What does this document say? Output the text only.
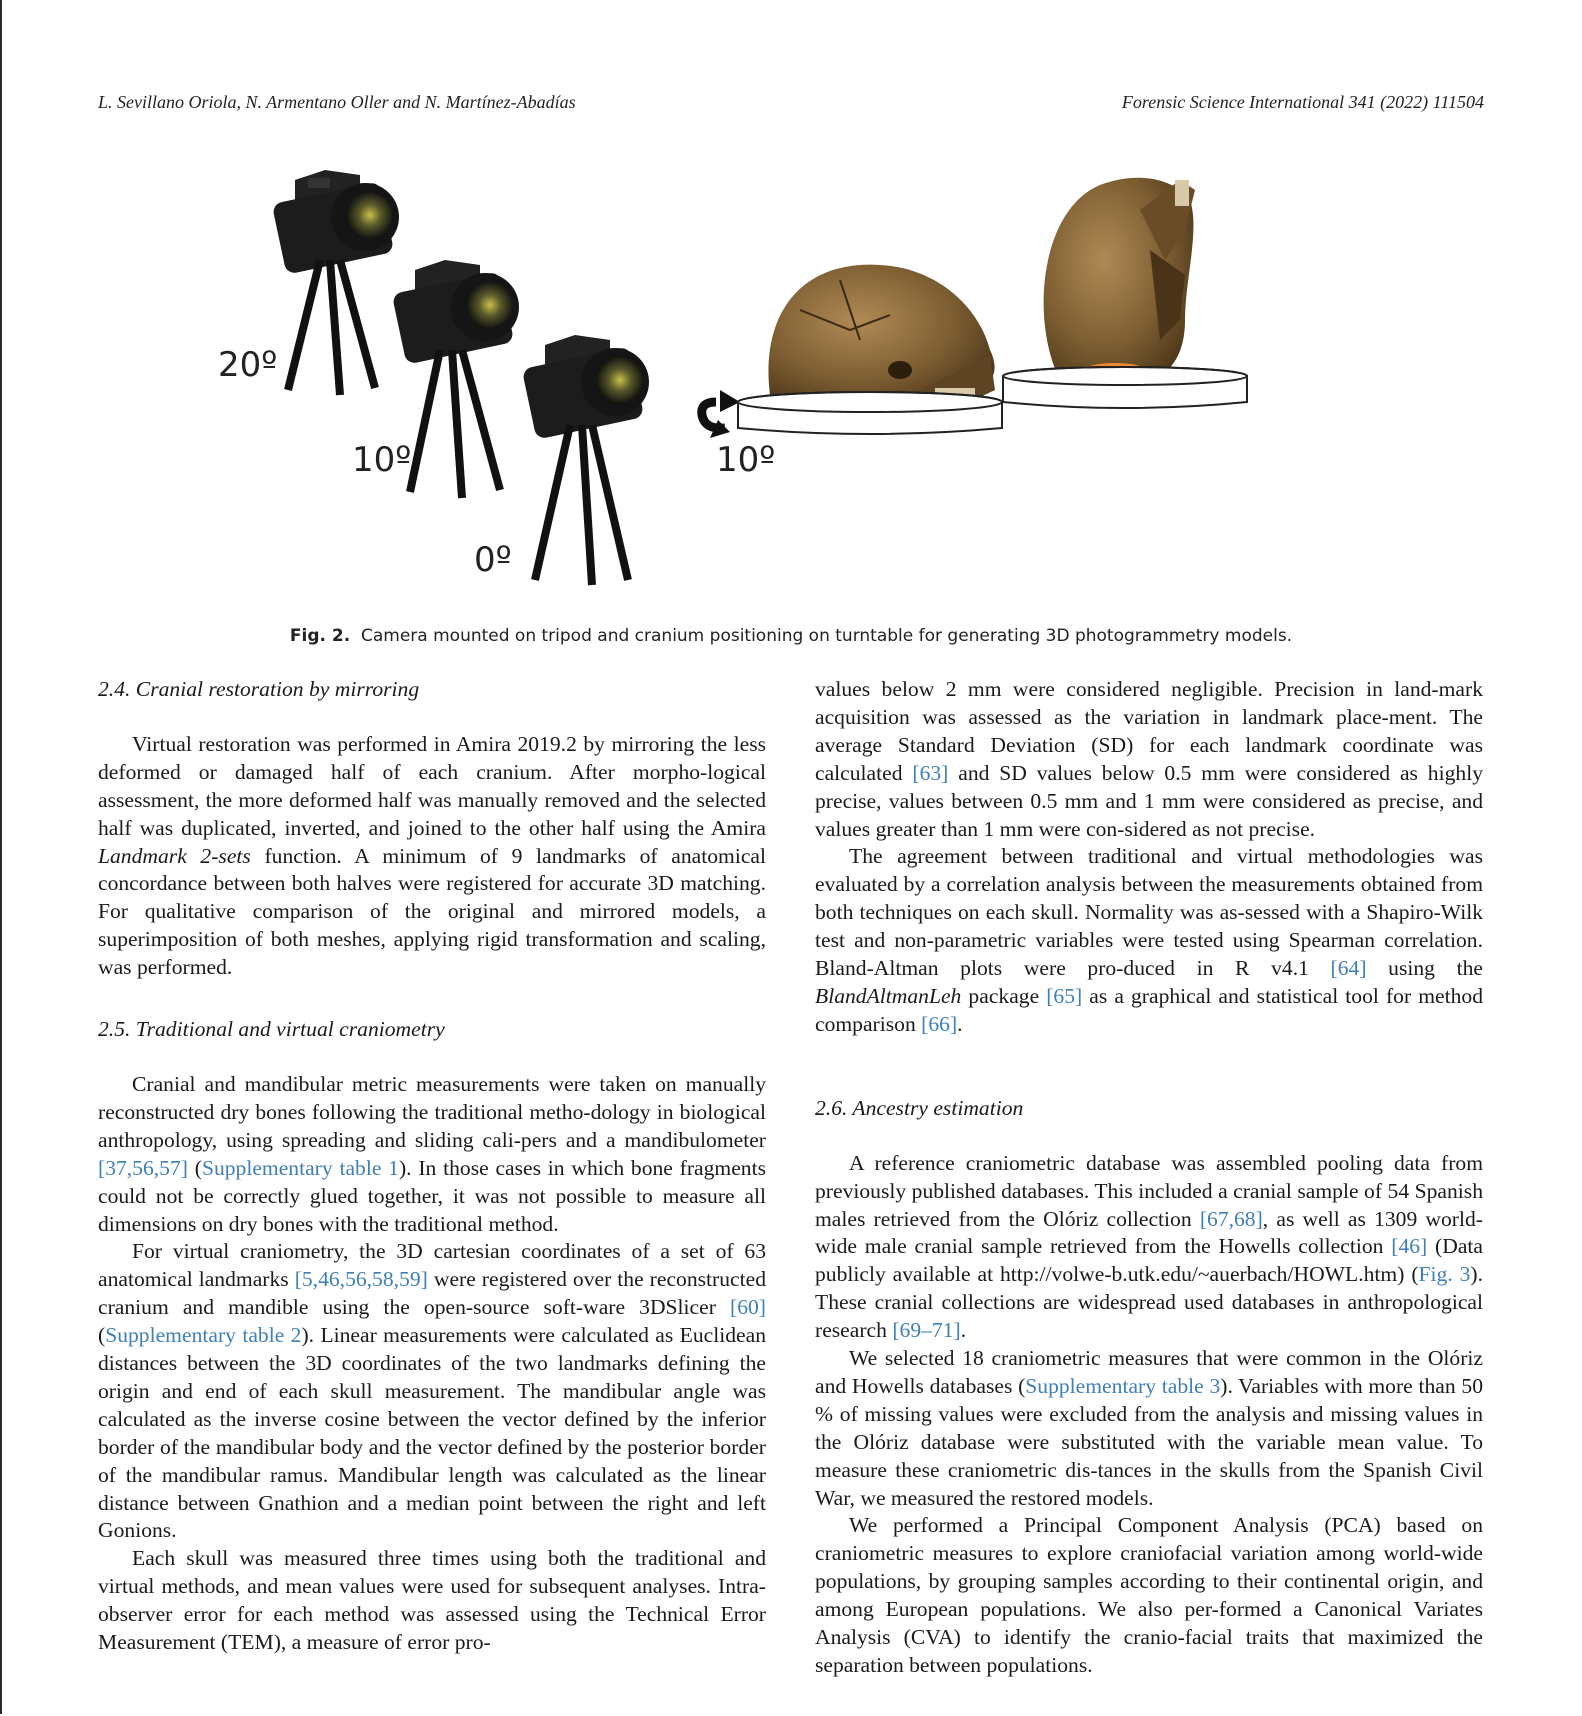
L. Sevillano Oriola, N. Armentano Oller and N. Martínez-Abadías	Forensic Science International 341 (2022) 111504
20º
10º
0º
10º
Fig. 2. Camera mounted on tripod and cranium positioning on turntable for generating 3D photogrammetry models.

2.4. Cranial restoration by mirroring

Virtual restoration was performed in Amira 2019.2 by mirroring the less deformed or damaged half of each cranium. After morpho-logical assessment, the more deformed half was manually removed and the selected half was duplicated, inverted, and joined to the other half using the Amira Landmark 2-sets function. A minimum of 9 landmarks of anatomical concordance between both halves were registered for accurate 3D matching. For qualitative comparison of the original and mirrored models, a superimposition of both meshes, applying rigid transformation and scaling, was performed.

2.5. Traditional and virtual craniometry

Cranial and mandibular metric measurements were taken on manually reconstructed dry bones following the traditional metho-dology in biological anthropology, using spreading and sliding cali-pers and a mandibulometer [37,56,57] (Supplementary table 1). In those cases in which bone fragments could not be correctly glued together, it was not possible to measure all dimensions on dry bones with the traditional method.

For virtual craniometry, the 3D cartesian coordinates of a set of 63 anatomical landmarks [5,46,56,58,59] were registered over the reconstructed cranium and mandible using the open-source soft-ware 3DSlicer [60] (Supplementary table 2). Linear measurements were calculated as Euclidean distances between the 3D coordinates of the two landmarks defining the origin and end of each skull measurement. The mandibular angle was calculated as the inverse cosine between the vector defined by the inferior border of the mandibular body and the vector defined by the posterior border of the mandibular ramus. Mandibular length was calculated as the linear distance between Gnathion and a median point between the right and left Gonions.

Each skull was measured three times using both the traditional and virtual methods, and mean values were used for subsequent analyses. Intra-observer error for each method was assessed using the Technical Error Measurement (TEM), a measure of error pro-

values below 2 mm were considered negligible. Precision in land-mark acquisition was assessed as the variation in landmark place-ment. The average Standard Deviation (SD) for each landmark coordinate was calculated [63] and SD values below 0.5 mm were considered as highly precise, values between 0.5 mm and 1 mm were considered as precise, and values greater than 1 mm were con-sidered as not precise.

The agreement between traditional and virtual methodologies was evaluated by a correlation analysis between the measurements obtained from both techniques on each skull. Normality was as-sessed with a Shapiro-Wilk test and non-parametric variables were tested using Spearman correlation. Bland-Altman plots were pro-duced in R v4.1 [64] using the BlandAltmanLeh package [65] as a graphical and statistical tool for method comparison [66].

2.6. Ancestry estimation

A reference craniometric database was assembled pooling data from previously published databases. This included a cranial sample of 54 Spanish males retrieved from the Olóriz collection [67,68], as well as 1309 world-wide male cranial sample retrieved from the Howells collection [46] (Data publicly available at http://volwe-b.utk.edu/~auerbach/HOWL.htm) (Fig. 3). These cranial collections are widespread used databases in anthropological research [69–71].

We selected 18 craniometric measures that were common in the Olóriz and Howells databases (Supplementary table 3). Variables with more than 50 % of missing values were excluded from the analysis and missing values in the Olóriz database were substituted with the variable mean value. To measure these craniometric dis-tances in the skulls from the Spanish Civil War, we measured the restored models.

We performed a Principal Component Analysis (PCA) based on craniometric measures to explore craniofacial variation among world-wide populations, by grouping samples according to their continental origin, and among European populations. We also per-formed a Canonical Variates Analysis (CVA) to identify the cranio-facial traits that maximized the separation between populations.
